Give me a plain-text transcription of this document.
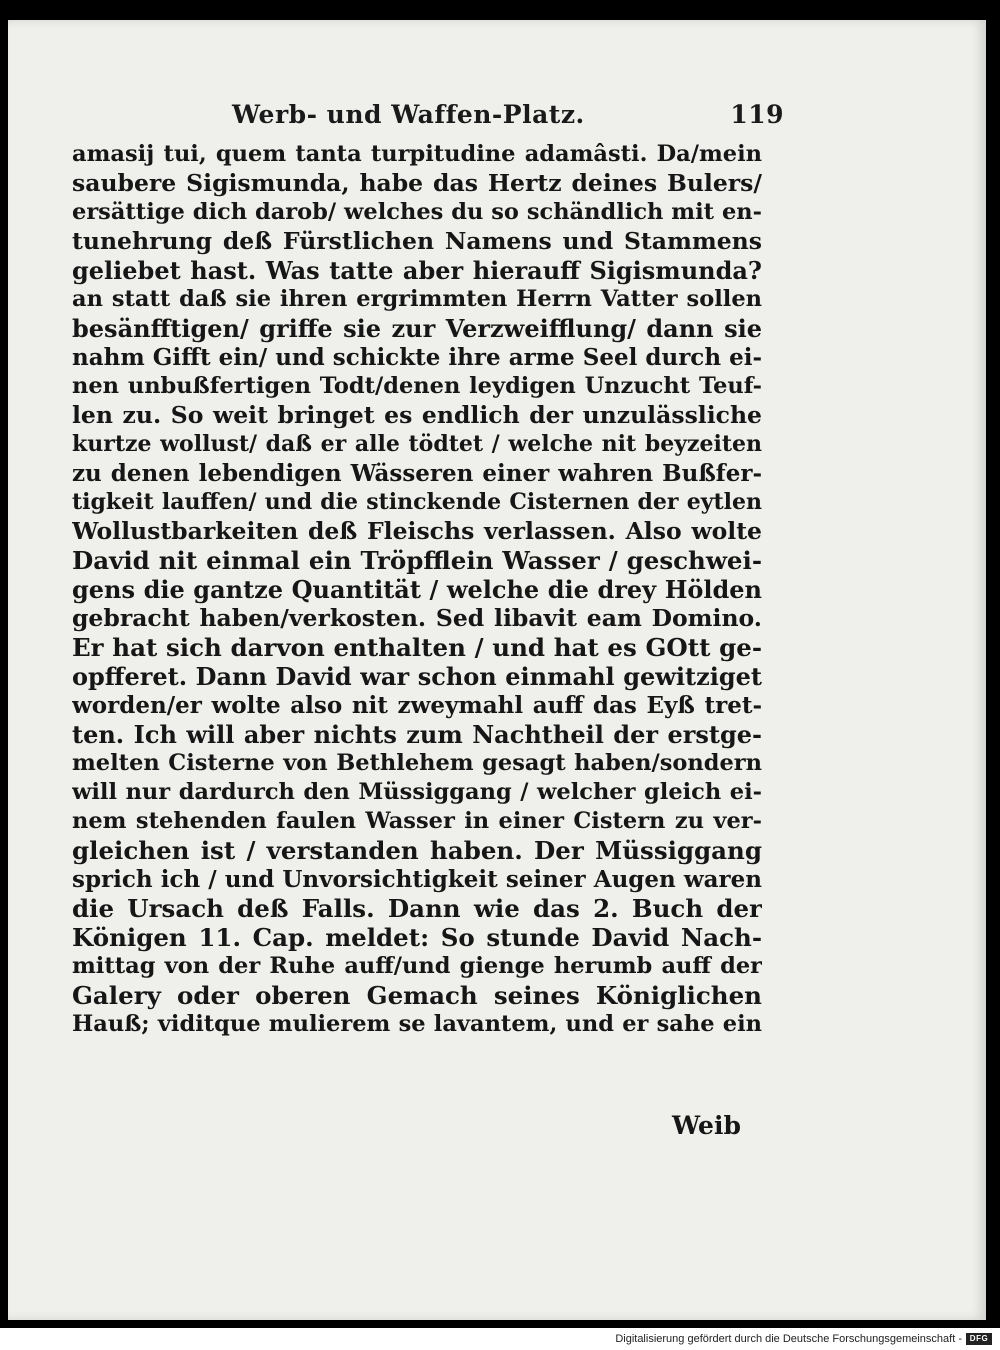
Werb- und Waffen-Platz.	119
amasij tui, quem tanta turpitudine adamâsti. Da/mein
saubere Sigismunda, habe das Hertz deines Bulers/
ersättige dich darob/ welches du so schändlich mit en-
tunehrung deß Fürstlichen Namens und Stammens
geliebet hast. Was tatte aber hierauff Sigismunda?
an statt daß sie ihren ergrimmten Herrn Vatter sollen
besänfftigen/ griffe sie zur Verzweifflung/ dann sie
nahm Gifft ein/ und schickte ihre arme Seel durch ei-
nen unbußfertigen Todt/denen leydigen Unzucht Teuf-
len zu. So weit bringet es endlich der unzulässliche
kurtze wollust/ daß er alle tödtet / welche nit beyzeiten
zu denen lebendigen Wässeren einer wahren Bußfer-
tigkeit lauffen/ und die stinckende Cisternen der eytlen
Wollustbarkeiten deß Fleischs verlassen. Also wolte
David nit einmal ein Tröpfflein Wasser / geschwei-
gens die gantze Quantität / welche die drey Hölden
gebracht haben/verkosten. Sed libavit eam Domino.
Er hat sich darvon enthalten / und hat es GOtt ge-
opfferet. Dann David war schon einmahl gewitziget
worden/er wolte also nit zweymahl auff das Eyß tret-
ten. Ich will aber nichts zum Nachtheil der erstge-
melten Cisterne von Bethlehem gesagt haben/sondern
will nur dardurch den Müssiggang / welcher gleich ei-
nem stehenden faulen Wasser in einer Cistern zu ver-
gleichen ist / verstanden haben. Der Müssiggang
sprich ich / und Unvorsichtigkeit seiner Augen waren
die Ursach deß Falls. Dann wie das 2. Buch der
Königen 11. Cap. meldet: So stunde David Nach-
mittag von der Ruhe auff/und gienge herumb auff der
Galery oder oberen Gemach seines Königlichen
Hauß; viditque mulierem se lavantem, und er sahe ein
Weib
Digitalisierung gefördert durch die Deutsche Forschungsgemeinschaft - DFG
